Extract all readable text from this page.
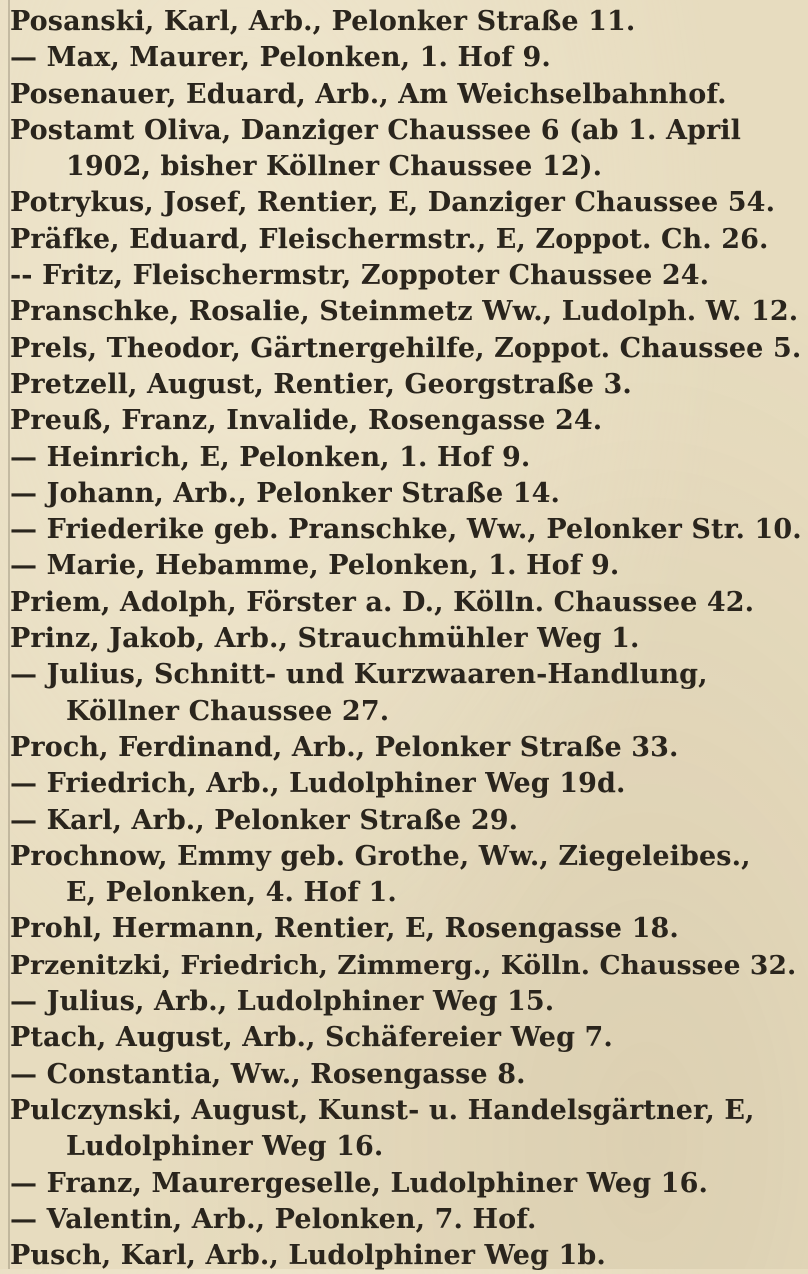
Posanski, Karl, Arb., Pelonker Straße 11.
— Max, Maurer, Pelonken, 1. Hof 9.
Posenauer, Eduard, Arb., Am Weichselbahnhof.
Postamt Oliva, Danziger Chaussee 6 (ab 1. April
1902, bisher Köllner Chaussee 12).
Potrykus, Josef, Rentier, E, Danziger Chaussee 54.
Präfke, Eduard, Fleischermstr., E, Zoppot. Ch. 26.
-- Fritz, Fleischermstr, Zoppoter Chaussee 24.
Pranschke, Rosalie, Steinmetz Ww., Ludolph. W. 12.
Prels, Theodor, Gärtnergehilfe, Zoppot. Chaussee 5.
Pretzell, August, Rentier, Georgstraße 3.
Preuß, Franz, Invalide, Rosengasse 24.
— Heinrich, E, Pelonken, 1. Hof 9.
— Johann, Arb., Pelonker Straße 14.
— Friederike geb. Pranschke, Ww., Pelonker Str. 10.
— Marie, Hebamme, Pelonken, 1. Hof 9.
Priem, Adolph, Förster a. D., Kölln. Chaussee 42.
Prinz, Jakob, Arb., Strauchmühler Weg 1.
— Julius, Schnitt- und Kurzwaaren-Handlung,
Köllner Chaussee 27.
Proch, Ferdinand, Arb., Pelonker Straße 33.
— Friedrich, Arb., Ludolphiner Weg 19d.
— Karl, Arb., Pelonker Straße 29.
Prochnow, Emmy geb. Grothe, Ww., Ziegeleibes.,
E, Pelonken, 4. Hof 1.
Prohl, Hermann, Rentier, E, Rosengasse 18.
Przenitzki, Friedrich, Zimmerg., Kölln. Chaussee 32.
— Julius, Arb., Ludolphiner Weg 15.
Ptach, August, Arb., Schäfereier Weg 7.
— Constantia, Ww., Rosengasse 8.
Pulczynski, August, Kunst- u. Handelsgärtner, E,
Ludolphiner Weg 16.
— Franz, Maurergeselle, Ludolphiner Weg 16.
— Valentin, Arb., Pelonken, 7. Hof.
Pusch, Karl, Arb., Ludolphiner Weg 1b.
